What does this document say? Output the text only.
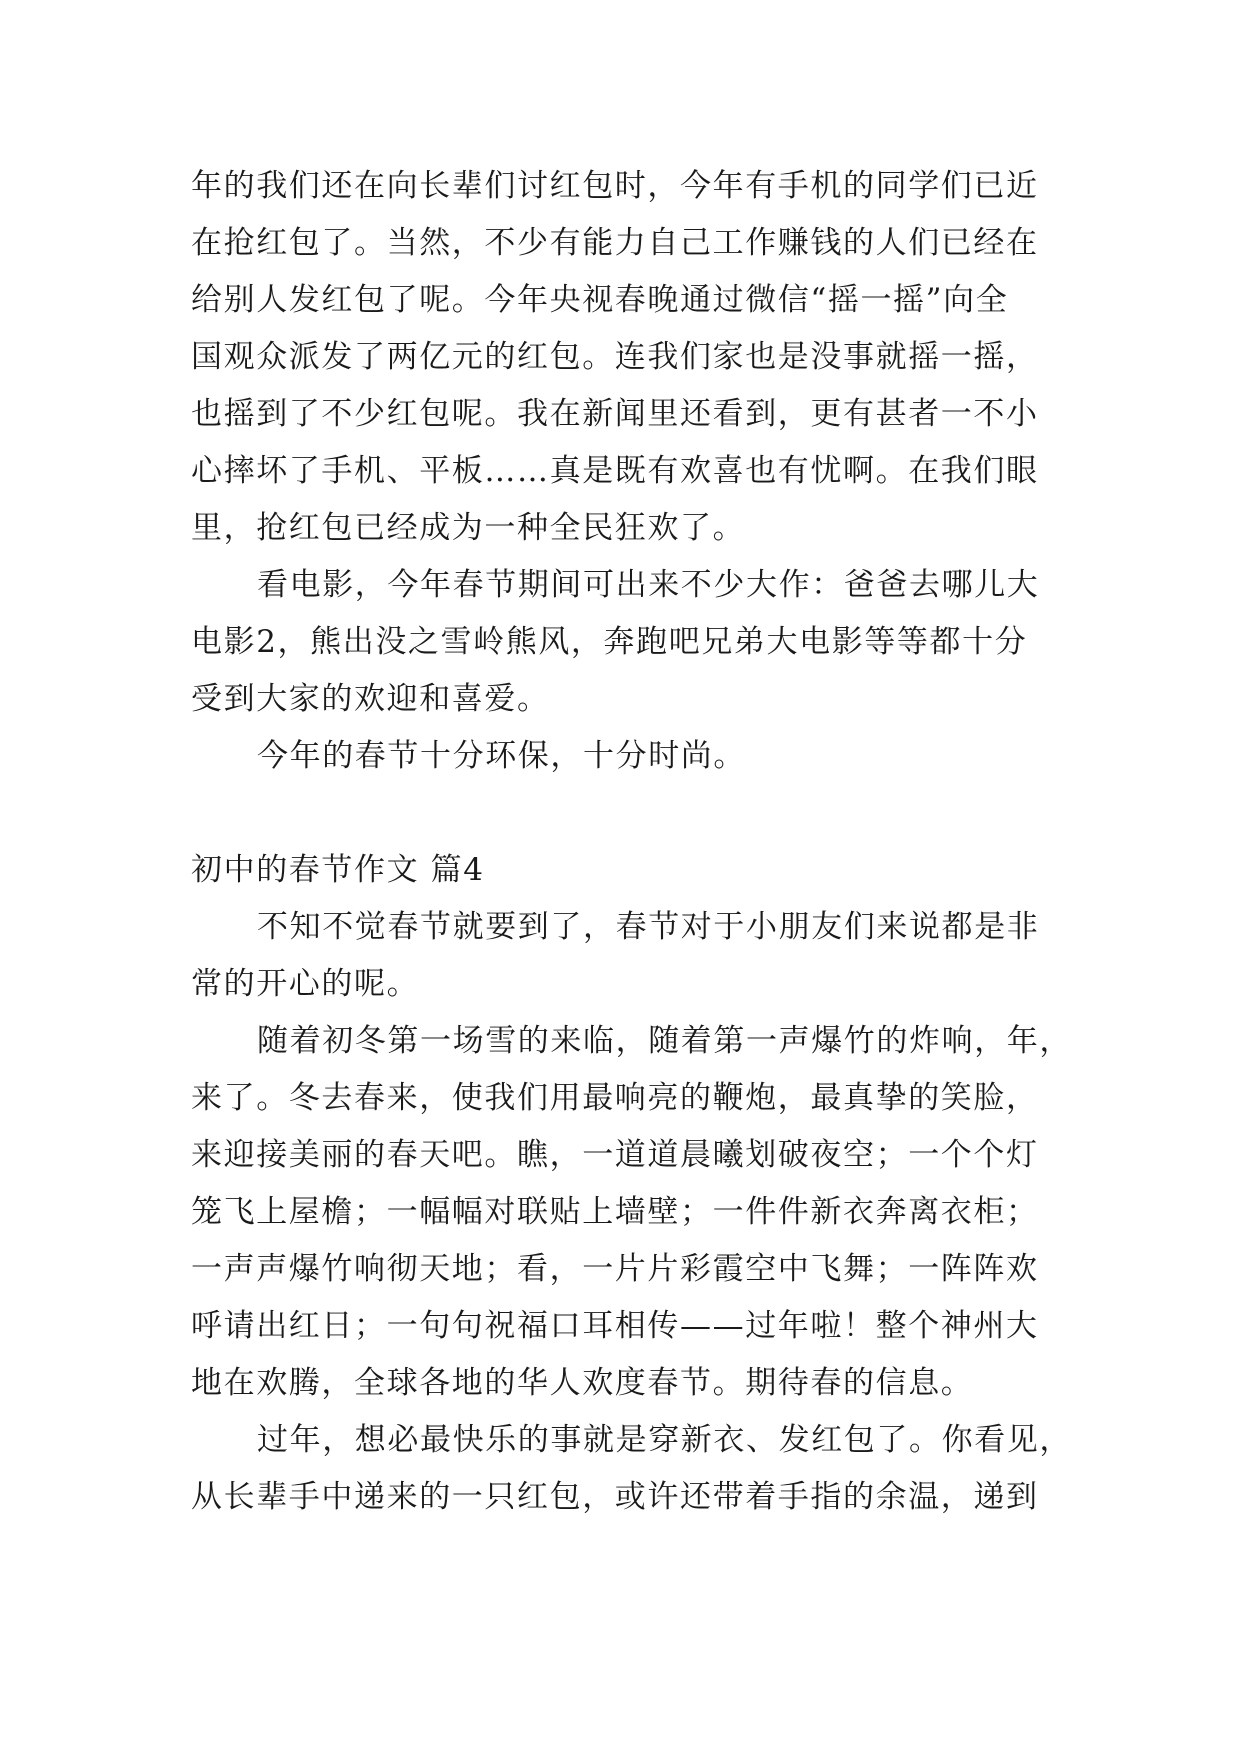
年的我们还在向长辈们讨红包时，今年有手机的同学们已近
在抢红包了。当然，不少有能力自己工作赚钱的人们已经在
给别人发红包了呢。今年央视春晚通过微信“摇一摇”向全
国观众派发了两亿元的红包。连我们家也是没事就摇一摇，
也摇到了不少红包呢。我在新闻里还看到，更有甚者一不小
心摔坏了手机、平板……真是既有欢喜也有忧啊。在我们眼
里，抢红包已经成为一种全民狂欢了。
看电影，今年春节期间可出来不少大作：爸爸去哪儿大
电影2，熊出没之雪岭熊风，奔跑吧兄弟大电影等等都十分
受到大家的欢迎和喜爱。
今年的春节十分环保，十分时尚。
初中的春节作文 篇4
不知不觉春节就要到了，春节对于小朋友们来说都是非
常的开心的呢。
随着初冬第一场雪的来临，随着第一声爆竹的炸响，年，
来了。冬去春来，使我们用最响亮的鞭炮，最真挚的笑脸，
来迎接美丽的春天吧。瞧，一道道晨曦划破夜空；一个个灯
笼飞上屋檐；一幅幅对联贴上墙壁；一件件新衣奔离衣柜；
一声声爆竹响彻天地；看，一片片彩霞空中飞舞；一阵阵欢
呼请出红日；一句句祝福口耳相传——过年啦！整个神州大
地在欢腾，全球各地的华人欢度春节。期待春的信息。
过年，想必最快乐的事就是穿新衣、发红包了。你看见，
从长辈手中递来的一只红包，或许还带着手指的余温，递到
